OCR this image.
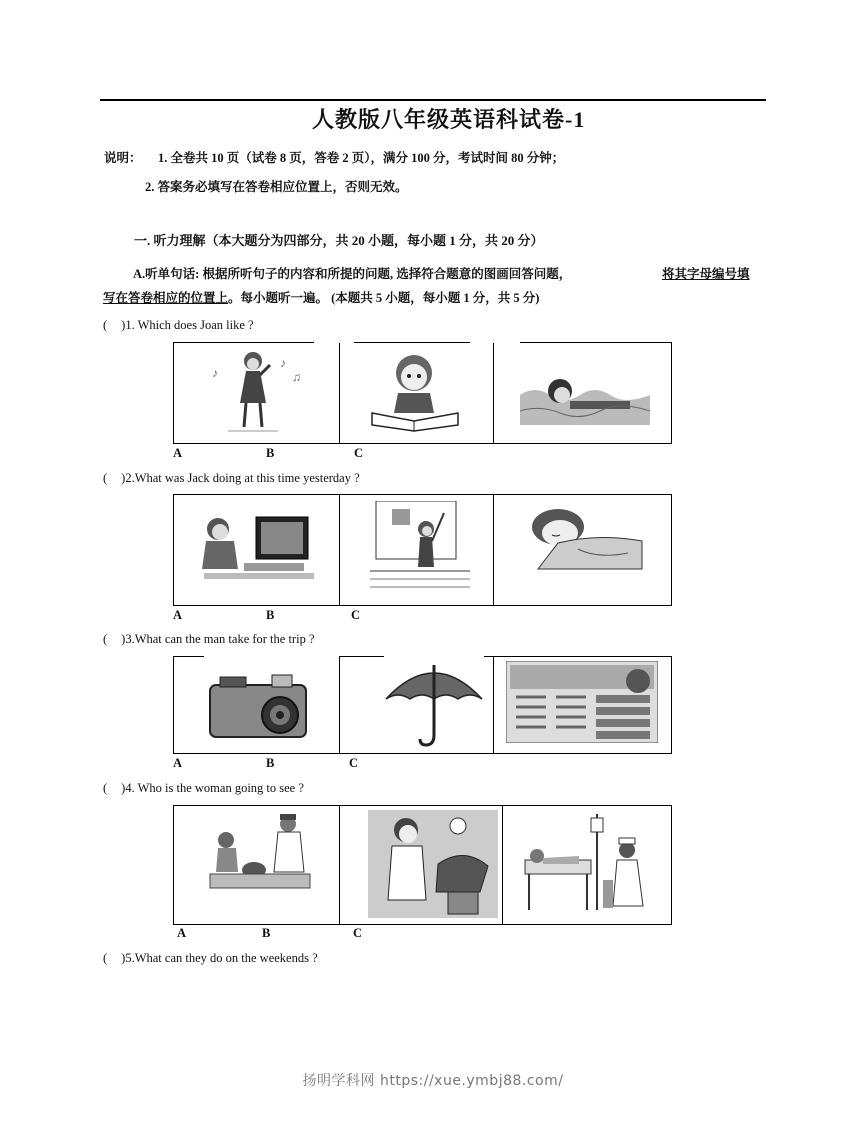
人教版八年级英语科试卷-1
说明： 1. 全卷共 10 页（试卷 8 页，答卷 2 页），满分 100 分，考试时间 80 分钟；
2. 答案务必填写在答卷相应位置上，否则无效。
一. 听力理解（本大题分为四部分，共 20 小题，每小题 1 分，共 20 分）
A.听单句话: 根据所听句子的内容和所提的问题, 选择符合题意的图画回答问题，	将其字母编号填
写在答卷相应的位置上。每小题听一遍。 (本题共 5 小题，每小题 1 分，共 5 分)
( )1. Which does Joan like ?
♪
♫
♪
A	B	C
( )2.What was Jack doing at this time yesterday ?
A	B	C
( )3.What can the man take for the trip ?
A	B	C
( )4. Who is the woman going to see ?
A	B	C
( )5.What can they do on the weekends ?
扬明学科网 https://xue.ymbj88.com/
